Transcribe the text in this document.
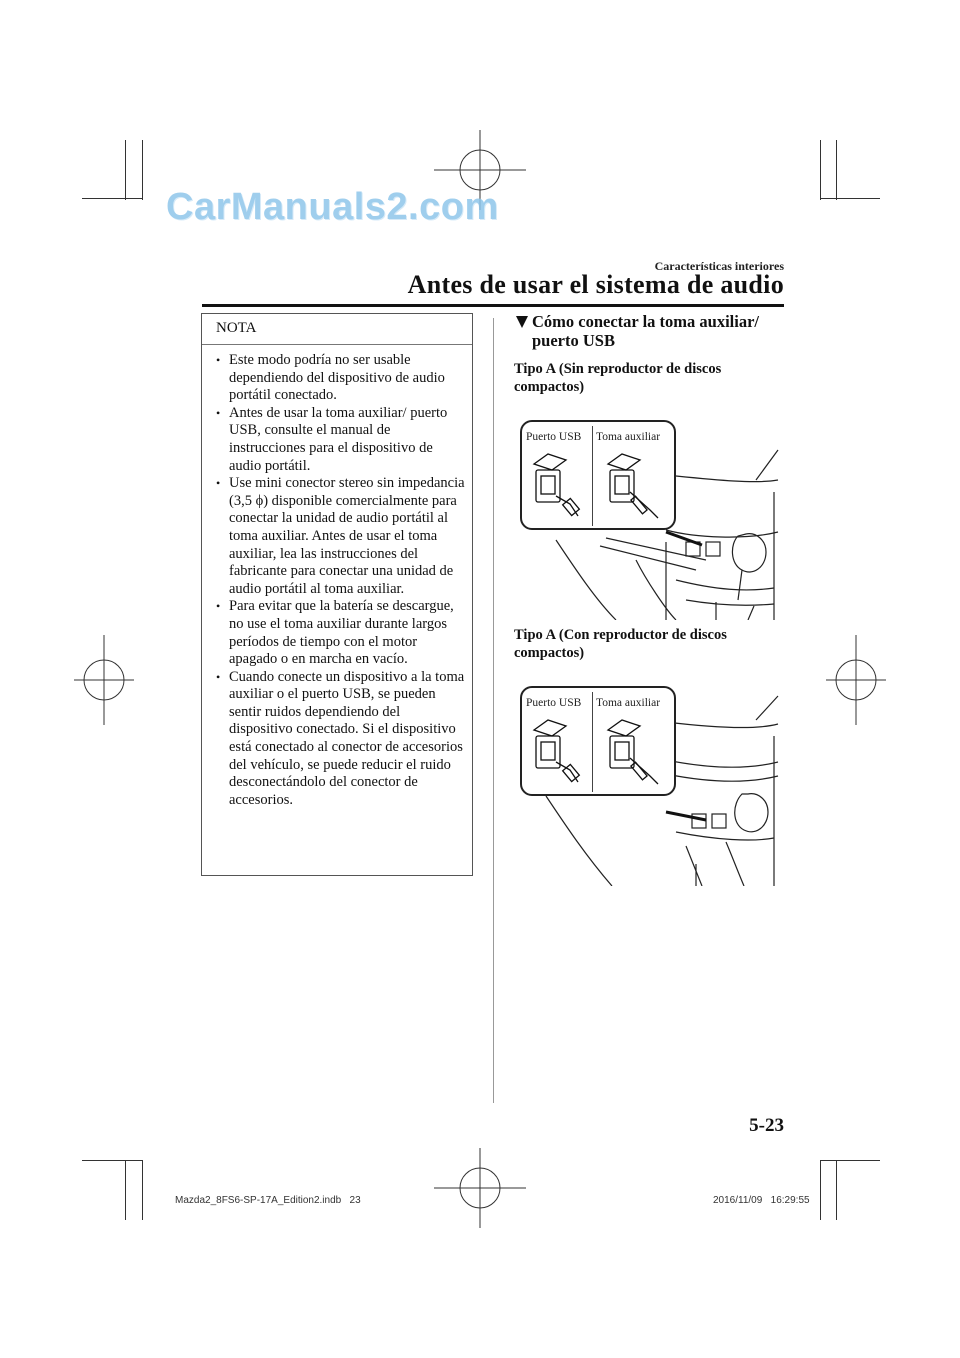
CarManuals2.com
Características interiores
Antes de usar el sistema de audio
NOTA
• Este modo podría no ser usable dependiendo del dispositivo de audio portátil conectado.
• Antes de usar la toma auxiliar/ puerto USB, consulte el manual de instrucciones para el dispositivo de audio portátil.
• Use mini conector stereo sin impedancia (3,5 ϕ) disponible comercialmente para conectar la unidad de audio portátil al toma auxiliar. Antes de usar el toma auxiliar, lea las instrucciones del fabricante para conectar una unidad de audio portátil al toma auxiliar.
• Para evitar que la batería se descargue, no use el toma auxiliar durante largos períodos de tiempo con el motor apagado o en marcha en vacío.
• Cuando conecte un dispositivo a la toma auxiliar o el puerto USB, se pueden sentir ruidos dependiendo del dispositivo conectado. Si el dispositivo está conectado al conector de accesorios del vehículo, se puede reducir el ruido desconectándolo del conector de accesorios.
Cómo conectar la toma auxiliar/ puerto USB
Tipo A (Sin reproductor de discos compactos)
Puerto USB Toma auxiliar
Tipo A (Con reproductor de discos compactos)
Puerto USB Toma auxiliar
5-23
Mazda2_8FS6-SP-17A_Edition2.indb   23	2016/11/09   16:29:55
